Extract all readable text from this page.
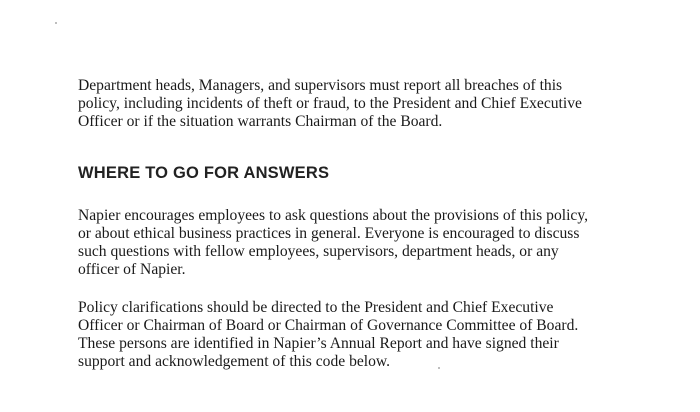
Department heads, Managers, and supervisors must report all breaches of this
policy, including incidents of theft or fraud, to the President and Chief Executive
Officer or if the situation warrants Chairman of the Board.
WHERE TO GO FOR ANSWERS
Napier encourages employees to ask questions about the provisions of this policy,
or about ethical business practices in general. Everyone is encouraged to discuss
such questions with fellow employees, supervisors, department heads, or any
officer of Napier.
Policy clarifications should be directed to the President and Chief Executive
Officer or Chairman of Board or Chairman of Governance Committee of Board.
These persons are identified in Napier’s Annual Report and have signed their
support and acknowledgement of this code below.
